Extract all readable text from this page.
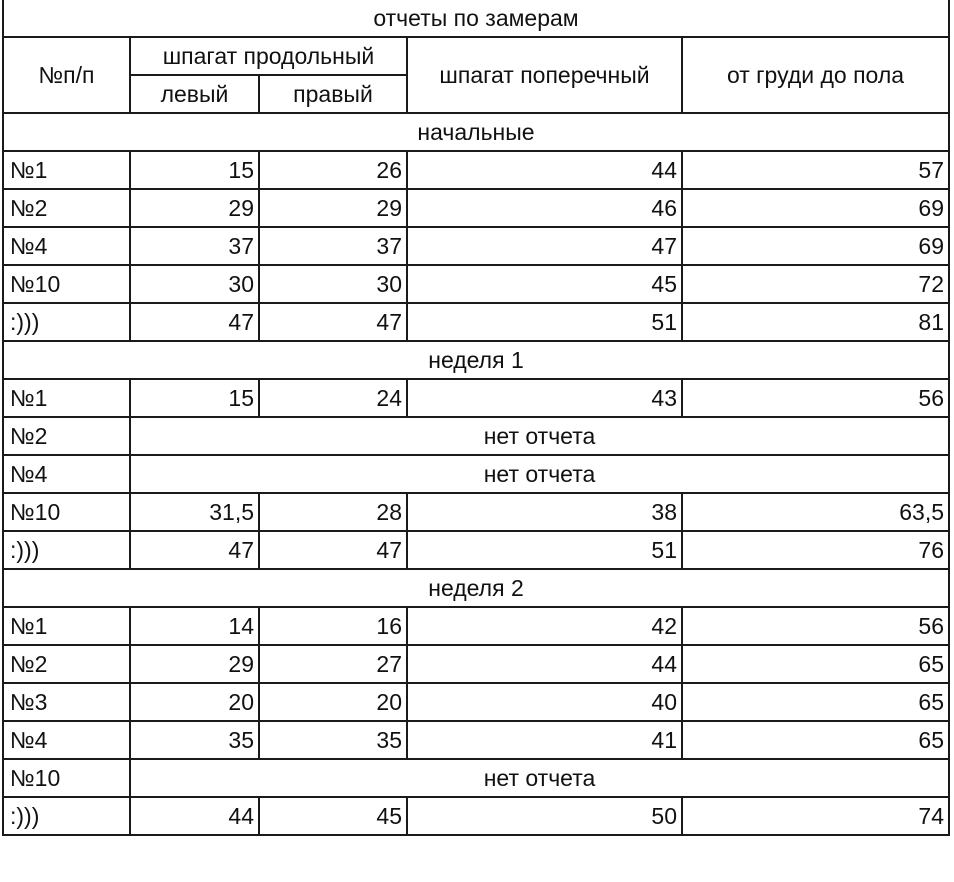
отчеты по замерам				
№п/п	шпагат продольный		шпагат поперечный	от груди до пола
	левый	правый		
начальные				
№1	15	26	44	57
№2	29	29	46	69
№4	37	37	47	69
№10	30	30	45	72
:)))	47	47	51	81
неделя 1				
№1	15	24	43	56
№2	нет отчета			
№4	нет отчета			
№10	31,5	28	38	63,5
:)))	47	47	51	76
неделя 2				
№1	14	16	42	56
№2	29	27	44	65
№3	20	20	40	65
№4	35	35	41	65
№10	нет отчета			
:)))	44	45	50	74
